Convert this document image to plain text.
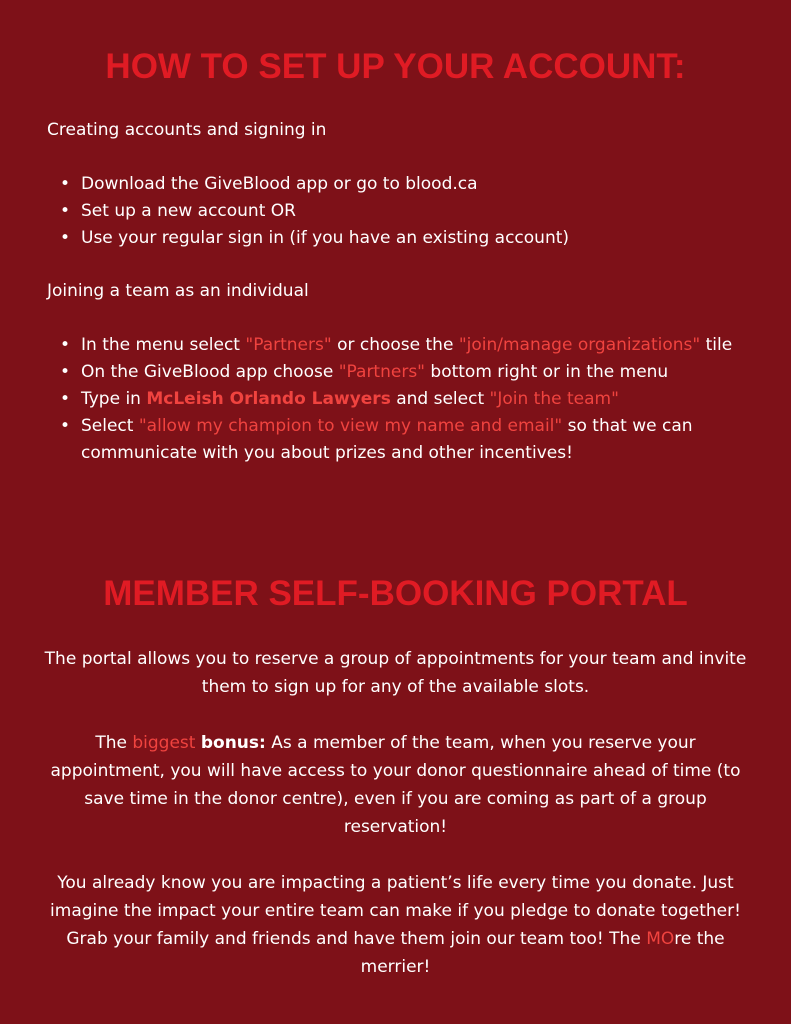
HOW TO SET UP YOUR ACCOUNT:

Creating accounts and signing in

• Download the GiveBlood app or go to blood.ca
• Set up a new account OR
• Use your regular sign in (if you have an existing account)

Joining a team as an individual

• In the menu select "Partners" or choose the "join/manage organizations" tile
• On the GiveBlood app choose "Partners" bottom right or in the menu
• Type in McLeish Orlando Lawyers and select "Join the team"
• Select "allow my champion to view my name and email" so that we can communicate with you about prizes and other incentives!
MEMBER SELF-BOOKING PORTAL

The portal allows you to reserve a group of appointments for your team and invite them to sign up for any of the available slots.

The biggest bonus: As a member of the team, when you reserve your appointment, you will have access to your donor questionnaire ahead of time (to save time in the donor centre), even if you are coming as part of a group reservation!

You already know you are impacting a patient’s life every time you donate. Just imagine the impact your entire team can make if you pledge to donate together! Grab your family and friends and have them join our team too! The MOre the merrier!
